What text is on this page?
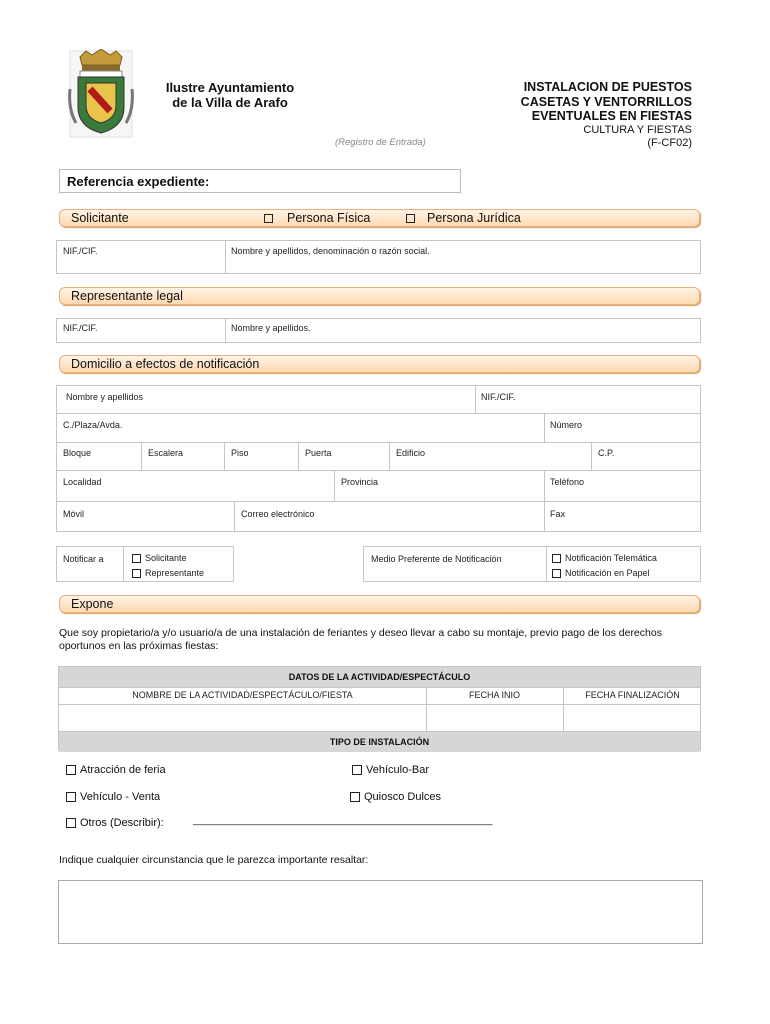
Ilustre Ayuntamiento
de la Villa de Arafo
INSTALACION DE PUESTOS
CASETAS Y VENTORRILLOS
EVENTUALES EN FIESTAS
CULTURA Y FIESTAS
(F-CF02)
(Registro de Entrada)
Referencia expediente:
Solicitante	Persona Física	Persona Jurídica
NIF./CIF.	Nombre y apellidos, denominación o razón social.
Representante legal
NIF./CIF.	Nombre y apellidos.
Domicilio a efectos de notificación
Nombre y apellidos	NIF./CIF.
C./Plaza/Avda.	Número
Bloque	Escalera	Piso	Puerta	Edificio	C.P.
Localidad	Provincia	Teléfono
Móvil	Correo electrónico	Fax
Notificar a	Solicitante
Representante
Medio Preferente de Notificación	Notificación Telemática
Notificación en Papel
Expone
Que soy propietario/a y/o usuario/a de una instalación de feriantes y deseo llevar a cabo su montaje, previo pago de los derechos oportunos en las próximas fiestas:
DATOS DE LA ACTIVIDAD/ESPECTÁCULO
NOMBRE DE LA ACTIVIDAD/ESPECTÁCULO/FIESTA	FECHA INIO	FECHA FINALIZACIÓN
TIPO DE INSTALACIÓN
Atracción de feria	Vehículo-Bar
Vehículo - Venta	Quiosco Dulces
Otros (Describir):	____________________________________________________
Indique cualquier circunstancia que le parezca importante resaltar:
